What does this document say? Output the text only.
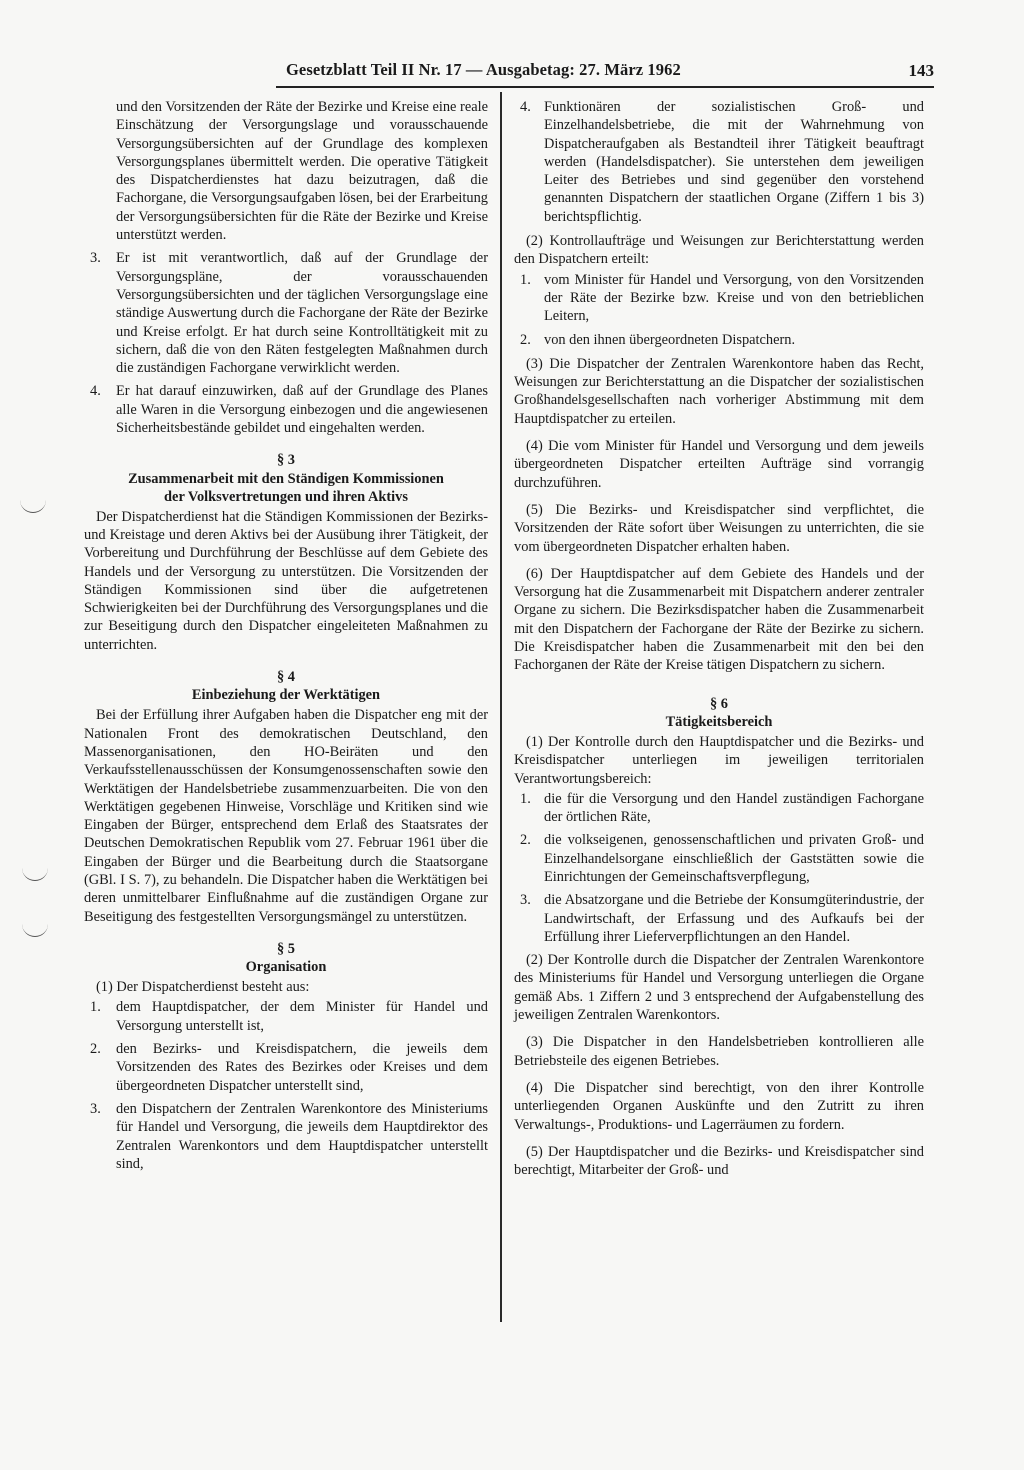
Gesetzblatt Teil II Nr. 17 — Ausgabetag: 27. März 1962	143

und den Vorsitzenden der Räte der Bezirke und Kreise eine reale Einschätzung der Versorgungslage und vorausschauende Versorgungsübersichten auf der Grundlage des komplexen Versorgungsplanes übermittelt werden. Die operative Tätigkeit des Dispatcherdienstes hat dazu beizutragen, daß die Fachorgane, die Versorgungsaufgaben lösen, bei der Erarbeitung der Versorgungsübersichten für die Räte der Bezirke und Kreise unterstützt werden.

3.	Er ist mit verantwortlich, daß auf der Grundlage der Versorgungspläne, der vorausschauenden Versorgungsübersichten und der täglichen Versorgungslage eine ständige Auswertung durch die Fachorgane der Räte der Bezirke und Kreise erfolgt. Er hat durch seine Kontrolltätigkeit mit zu sichern, daß die von den Räten festgelegten Maßnahmen durch die zuständigen Fachorgane verwirklicht werden.
4.	Er hat darauf einzuwirken, daß auf der Grundlage des Planes alle Waren in die Versorgung einbezogen und die angewiesenen Sicherheitsbestände gebildet und eingehalten werden.
§ 3
Zusammenarbeit mit den Ständigen Kommissionen
der Volksvertretungen und ihren Aktivs

Der Dispatcherdienst hat die Ständigen Kommissionen der Bezirks- und Kreistage und deren Aktivs bei der Ausübung ihrer Tätigkeit, der Vorbereitung und Durchführung der Beschlüsse auf dem Gebiete des Handels und der Versorgung zu unterstützen. Die Vorsitzenden der Ständigen Kommissionen sind über die aufgetretenen Schwierigkeiten bei der Durchführung des Versorgungsplanes und die zur Beseitigung durch den Dispatcher eingeleiteten Maßnahmen zu unterrichten.

§ 4
Einbeziehung der Werktätigen

Bei der Erfüllung ihrer Aufgaben haben die Dispatcher eng mit der Nationalen Front des demokratischen Deutschland, den Massenorganisationen, den HO-Beiräten und den Verkaufsstellenausschüssen der Konsumgenossenschaften sowie den Werktätigen der Handelsbetriebe zusammenzuarbeiten. Die von den Werktätigen gegebenen Hinweise, Vorschläge und Kritiken sind wie Eingaben der Bürger, entsprechend dem Erlaß des Staatsrates der Deutschen Demokratischen Republik vom 27. Februar 1961 über die Eingaben der Bürger und die Bearbeitung durch die Staatsorgane (GBl. I S. 7), zu behandeln. Die Dispatcher haben die Werktätigen bei deren unmittelbarer Einflußnahme auf die zuständigen Organe zur Beseitigung des festgestellten Versorgungsmängel zu unterstützen.

§ 5
Organisation

(1) Der Dispatcherdienst besteht aus:

1.	dem Hauptdispatcher, der dem Minister für Handel und Versorgung unterstellt ist,
2.	den Bezirks- und Kreisdispatchern, die jeweils dem Vorsitzenden des Rates des Bezirkes oder Kreises und dem übergeordneten Dispatcher unterstellt sind,
3.	den Dispatchern der Zentralen Warenkontore des Ministeriums für Handel und Versorgung, die jeweils dem Hauptdirektor des Zentralen Warenkontors und dem Hauptdispatcher unterstellt sind,
4. Funktionären der sozialistischen Groß- und Einzelhandelsbetriebe, die mit der Wahrnehmung von Dispatcheraufgaben als Bestandteil ihrer Tätigkeit beauftragt werden (Handelsdispatcher). Sie unterstehen dem jeweiligen Leiter des Betriebes und sind gegenüber den vorstehend genannten Dispatchern der staatlichen Organe (Ziffern 1 bis 3) berichtspflichtig.

(2) Kontrollaufträge und Weisungen zur Berichterstattung werden den Dispatchern erteilt:

1. vom Minister für Handel und Versorgung, von den Vorsitzenden der Räte der Bezirke bzw. Kreise und von den betrieblichen Leitern,
2. von den ihnen übergeordneten Dispatchern.

(3) Die Dispatcher der Zentralen Warenkontore haben das Recht, Weisungen zur Berichterstattung an die Dispatcher der sozialistischen Großhandelsgesellschaften nach vorheriger Abstimmung mit dem Hauptdispatcher zu erteilen.

(4) Die vom Minister für Handel und Versorgung und dem jeweils übergeordneten Dispatcher erteilten Aufträge sind vorrangig durchzuführen.

(5) Die Bezirks- und Kreisdispatcher sind verpflichtet, die Vorsitzenden der Räte sofort über Weisungen zu unterrichten, die sie vom übergeordneten Dispatcher erhalten haben.

(6) Der Hauptdispatcher auf dem Gebiete des Handels und der Versorgung hat die Zusammenarbeit mit Dispatchern anderer zentraler Organe zu sichern. Die Bezirksdispatcher haben die Zusammenarbeit mit den Dispatchern der Fachorgane der Räte der Bezirke zu sichern. Die Kreisdispatcher haben die Zusammenarbeit mit den bei den Fachorganen der Räte der Kreise tätigen Dispatchern zu sichern.

§ 6
Tätigkeitsbereich

(1) Der Kontrolle durch den Hauptdispatcher und die Bezirks- und Kreisdispatcher unterliegen im jeweiligen territorialen Verantwortungsbereich:

1. die für die Versorgung und den Handel zuständigen Fachorgane der örtlichen Räte,
2. die volkseigenen, genossenschaftlichen und privaten Groß- und Einzelhandelsorgane einschließlich der Gaststätten sowie die Einrichtungen der Gemeinschaftsverpflegung,
3. die Absatzorgane und die Betriebe der Konsumgüterindustrie, der Landwirtschaft, der Erfassung und des Aufkaufs bei der Erfüllung ihrer Lieferverpflichtungen an den Handel.

(2) Der Kontrolle durch die Dispatcher der Zentralen Warenkontore des Ministeriums für Handel und Versorgung unterliegen die Organe gemäß Abs. 1 Ziffern 2 und 3 entsprechend der Aufgabenstellung des jeweiligen Zentralen Warenkontors.

(3) Die Dispatcher in den Handelsbetrieben kontrollieren alle Betriebsteile des eigenen Betriebes.

(4) Die Dispatcher sind berechtigt, von den ihrer Kontrolle unterliegenden Organen Auskünfte und den Zutritt zu ihren Verwaltungs-, Produktions- und Lagerräumen zu fordern.

(5) Der Hauptdispatcher und die Bezirks- und Kreisdispatcher sind berechtigt, Mitarbeiter der Groß- und
